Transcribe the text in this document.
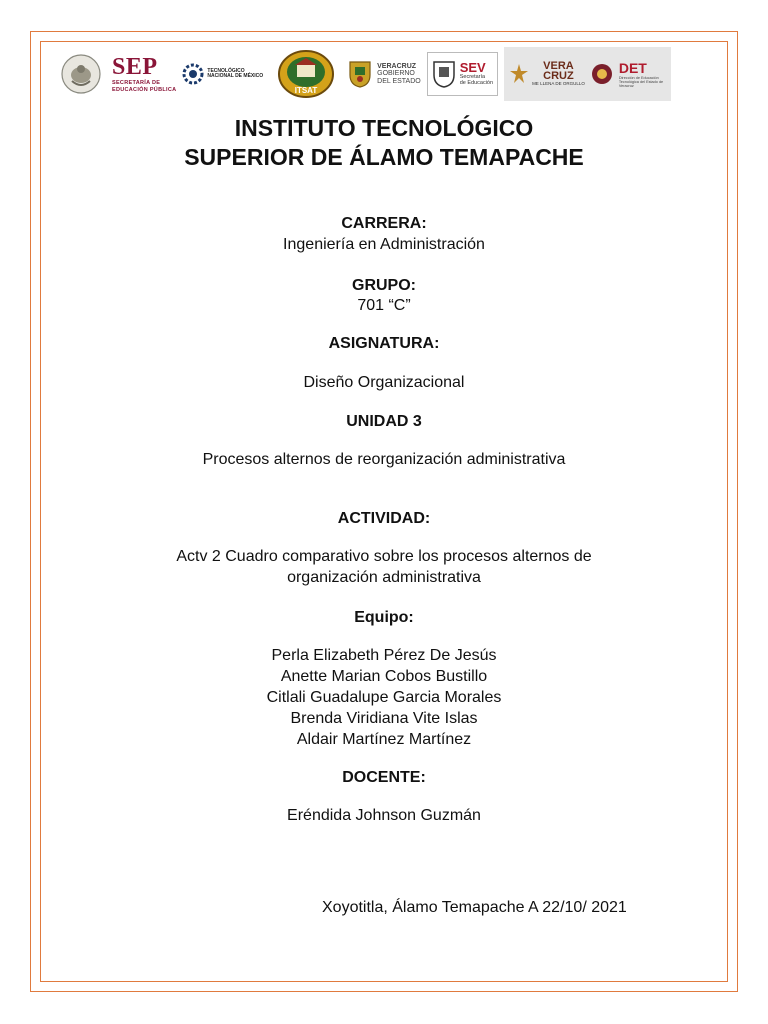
SEP
SECRETARÍA DE
EDUCACIÓN PÚBLICA
TECNOLÓGICO
NACIONAL DE MÉXICO
ITSAT
VERACRUZ
GOBIERNO
DEL ESTADO
SEV
Secretaría
de Educación
VERA
CRUZ
ME LLENA DE ORGULLO
DET
Dirección de Educación Tecnológica del Estado de Veracruz
INSTITUTO TECNOLÓGICO
SUPERIOR DE ÁLAMO TEMAPACHE
CARRERA:
Ingeniería en Administración
GRUPO:
701 “C”
ASIGNATURA:
Diseño Organizacional
UNIDAD 3
Procesos alternos de reorganización administrativa
ACTIVIDAD:
Actv 2 Cuadro comparativo sobre los procesos alternos de
organización administrativa
Equipo:
Perla Elizabeth Pérez De Jesús
Anette Marian Cobos Bustillo
Citlali Guadalupe Garcia Morales
Brenda Viridiana Vite Islas
Aldair Martínez Martínez
DOCENTE:
Eréndida Johnson Guzmán
Xoyotitla, Álamo Temapache A 22/10/ 2021
